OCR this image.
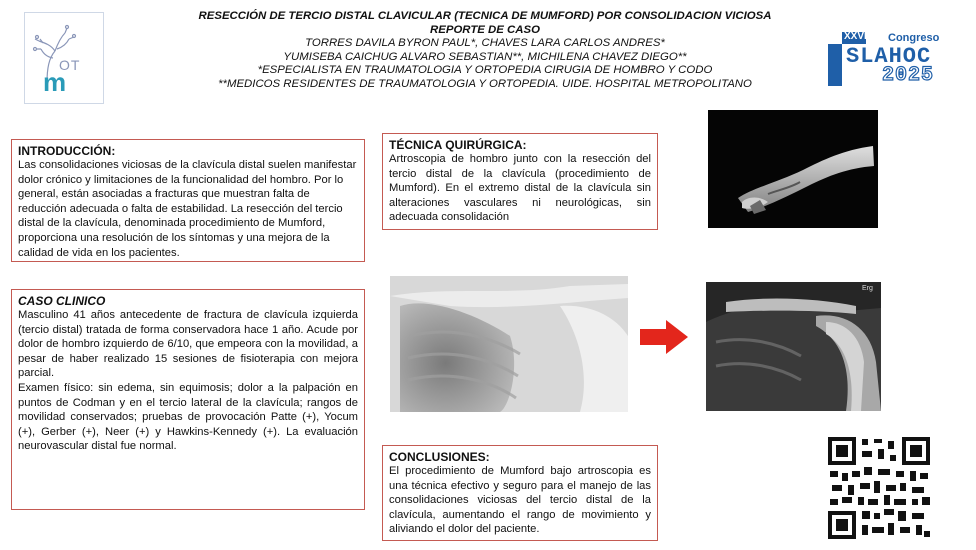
OT
m
RESECCIÓN DE TERCIO DISTAL CLAVICULAR (TECNICA DE MUMFORD) POR CONSOLIDACION VICIOSA
REPORTE DE CASO
TORRES DAVILA BYRON PAUL*, CHAVES LARA CARLOS ANDRES*
YUMISEBA CAICHUG ALVARO SEBASTIAN**, MICHILENA CHAVEZ DIEGO**
*ESPECIALISTA EN TRAUMATOLOGIA Y ORTOPEDIA CIRUGIA DE HOMBRO Y CODO
**MEDICOS RESIDENTES DE TRAUMATOLOGIA Y ORTOPEDIA. UIDE. HOSPITAL METROPOLITANO
XXVIII Congreso
SLAHOC
2025
INTRODUCCIÓN:
Las consolidaciones viciosas de la clavícula distal suelen manifestar dolor crónico y limitaciones de la funcionalidad del hombro. Por lo general, están asociadas a fracturas que muestran falta de reducción adecuada o falta de estabilidad. La resección del tercio distal de la clavícula, denominada procedimiento de Mumford, proporciona una resolución de los síntomas y una mejora de la calidad de vida en los pacientes.
CASO CLINICO
Masculino 41 años antecedente de fractura de clavícula izquierda (tercio distal) tratada de forma conservadora hace 1 año. Acude por dolor de hombro izquierdo de 6/10, que empeora con la movilidad, a pesar de haber realizado 15 sesiones de fisioterapia con mejora parcial.
Examen físico: sin edema, sin equimosis; dolor a la palpación en puntos de Codman y en el tercio lateral de la clavícula; rangos de movilidad conservados; pruebas de provocación Patte (+), Yocum (+), Gerber (+), Neer (+) y Hawkins-Kennedy (+). La evaluación neurovascular distal fue normal.
TÉCNICA QUIRÚRGICA:
Artroscopia de hombro junto con la resección del tercio distal de la clavícula (procedimiento de Mumford). En el extremo distal de la clavícula sin alteraciones vasculares ni neurológicas, sin adecuada consolidación
CONCLUSIONES:
El procedimiento de Mumford bajo artroscopia es una técnica efectivo y seguro para el manejo de las consolidaciones viciosas del tercio distal de la clavícula, aumentando el rango de movimiento y aliviando el dolor del paciente.
Erg
